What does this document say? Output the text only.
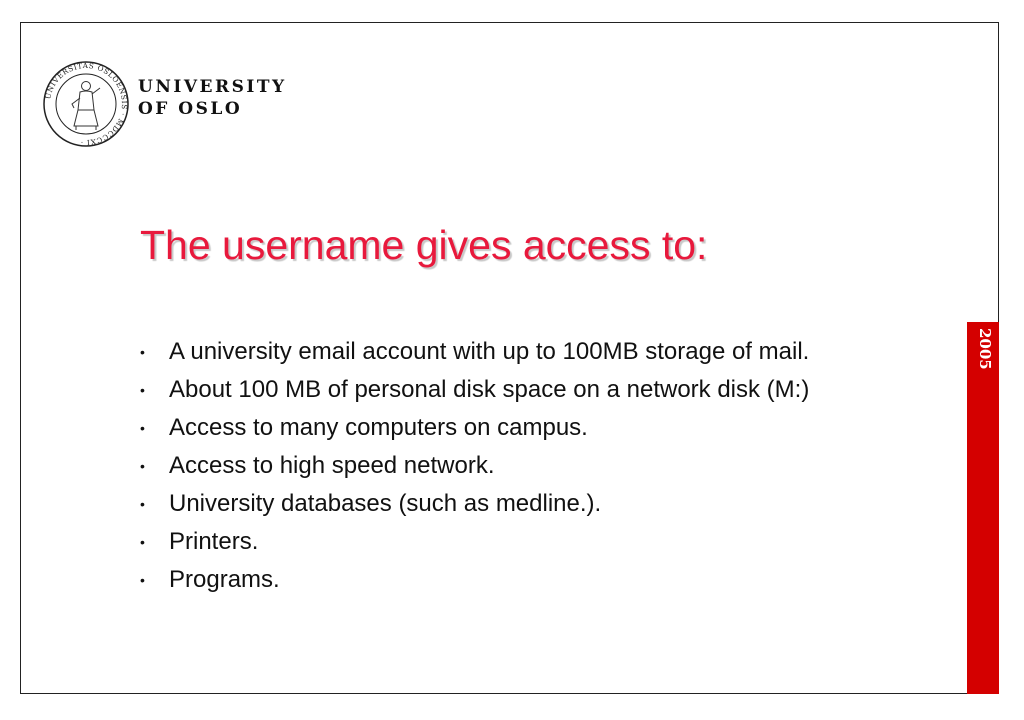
UNIVERSITAS OSLOENSIS · MDCCCXI ·
UNIVERSITY
OF OSLO
The username gives access to:
• A university email account with up to 100MB storage of mail.
• About 100 MB of personal disk space on a network disk (M:)
• Access to many computers on campus.
• Access to high speed network.
• University databases (such as medline.).
• Printers.
• Programs.
2005
